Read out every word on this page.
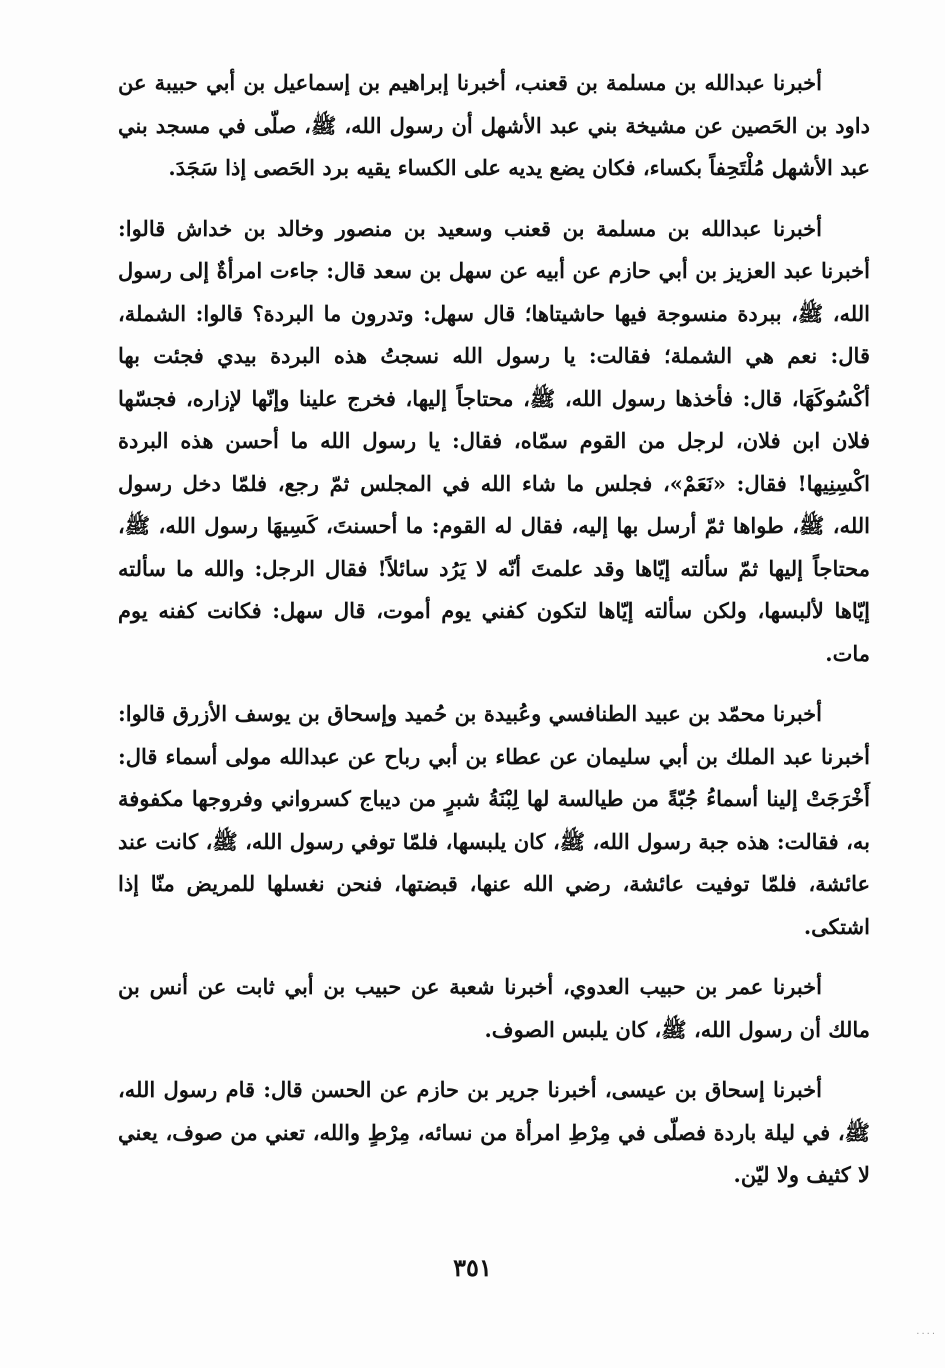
أخبرنا عبدالله بن مسلمة بن قعنب، أخبرنا إبراهيم بن إسماعيل بن أبي حبيبة عن داود بن الحَصين عن مشيخة بني عبد الأشهل أن رسول الله، ﷺ، صلّى في مسجد بني عبد الأشهل مُلْتَحِفاً بكساء، فكان يضع يديه على الكساء يقيه برد الحَصى إذا سَجَدَ.

أخبرنا عبدالله بن مسلمة بن قعنب وسعيد بن منصور وخالد بن خداش قالوا: أخبرنا عبد العزيز بن أبي حازم عن أبيه عن سهل بن سعد قال: جاءت امرأةٌ إلى رسول الله، ﷺ، ببردة منسوجة فيها حاشيتاها؛ قال سهل: وتدرون ما البردة؟ قالوا: الشملة، قال: نعم هي الشملة؛ فقالت: يا رسول الله نسجتُ هذه البردة بيدي فجئت بها أكْسُوكَهَا، قال: فأخذها رسول الله، ﷺ، محتاجاً إليها، فخرج علينا وإنّها لإزاره، فجسّها فلان ابن فلان، لرجل من القوم سمّاه، فقال: يا رسول الله ما أحسن هذه البردة اكْسِنِيها! فقال: «نَعَمْ»، فجلس ما شاء الله في المجلس ثمّ رجع، فلمّا دخل رسول الله، ﷺ، طواها ثمّ أرسل بها إليه، فقال له القوم: ما أحسنتَ، كَسِيهَا رسول الله، ﷺ، محتاجاً إليها ثمّ سألته إيّاها وقد علمتَ أنّه لا يَرُد سائلاً! فقال الرجل: والله ما سألته إيّاها لألبسها، ولكن سألته إيّاها لتكون كفني يوم أموت، قال سهل: فكانت كفنه يوم مات.

أخبرنا محمّد بن عبيد الطنافسي وعُبيدة بن حُميد وإسحاق بن يوسف الأزرق قالوا: أخبرنا عبد الملك بن أبي سليمان عن عطاء بن أبي رباح عن عبدالله مولى أسماء قال: أَخْرَجَتْ إلينا أسماءُ جُبّةً من طيالسة لها لِبْنَةُ شبرٍ من ديباج كسرواني وفروجها مكفوفة به، فقالت: هذه جبة رسول الله، ﷺ، كان يلبسها، فلمّا توفي رسول الله، ﷺ، كانت عند عائشة، فلمّا توفيت عائشة، رضي الله عنها، قبضتها، فنحن نغسلها للمريض منّا إذا اشتكى.

أخبرنا عمر بن حبيب العدوي، أخبرنا شعبة عن حبيب بن أبي ثابت عن أنس بن مالك أن رسول الله، ﷺ، كان يلبس الصوف.

أخبرنا إسحاق بن عيسى، أخبرنا جرير بن حازم عن الحسن قال: قام رسول الله، ﷺ، في ليلة باردة فصلّى في مِرْطِ امرأة من نسائه، مِرْطٍ والله، تعني من صوف، يعني لا كثيف ولا ليّن.

٣٥١
....
